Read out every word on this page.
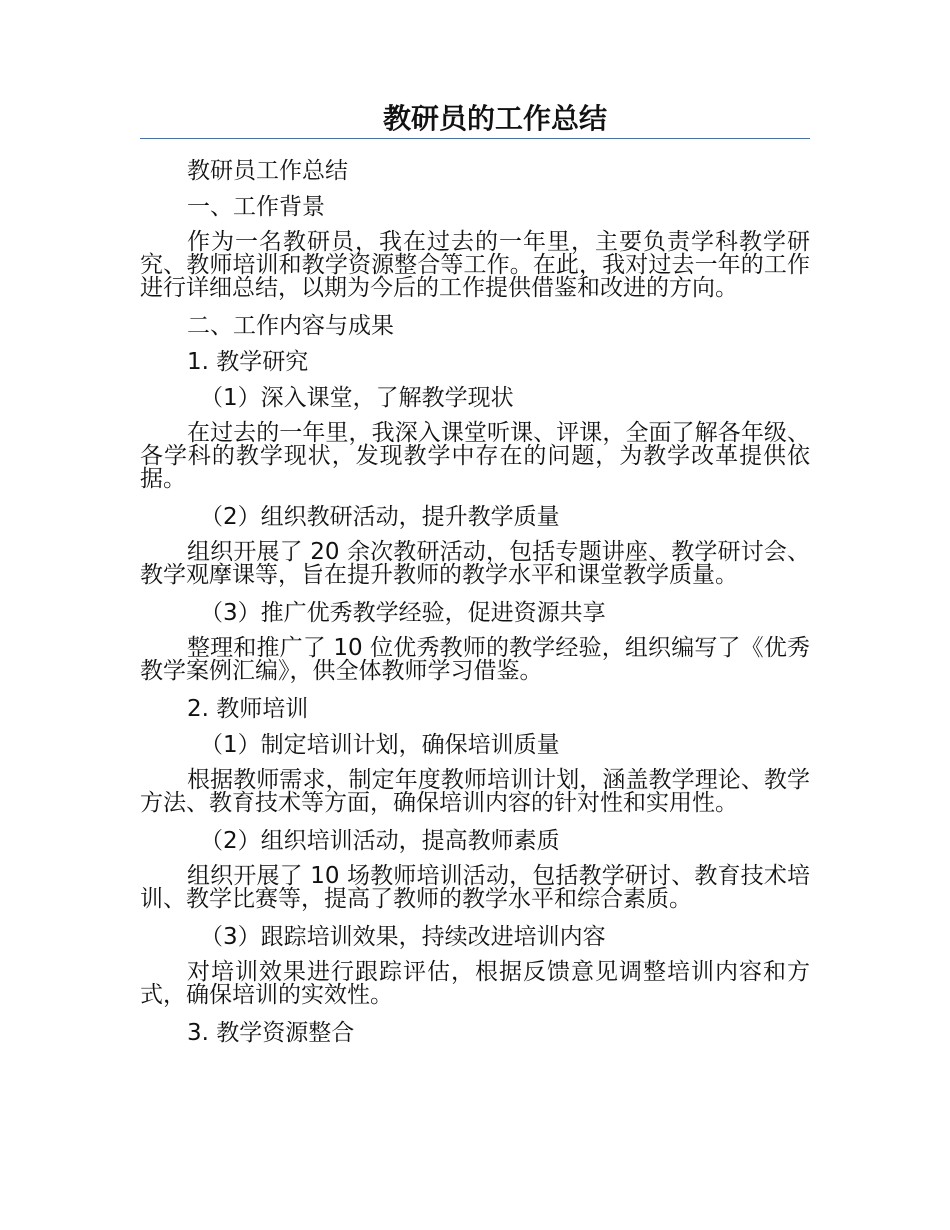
教研员的工作总结
教研员工作总结
一、工作背景
作为一名教研员，我在过去的一年里，主要负责学科教学研究、教师培训和教学资源整合等工作。在此，我对过去一年的工作进行详细总结，以期为今后的工作提供借鉴和改进的方向。
二、工作内容与成果
1. 教学研究
（1）深入课堂，了解教学现状
在过去的一年里，我深入课堂听课、评课，全面了解各年级、各学科的教学现状，发现教学中存在的问题，为教学改革提供依据。
（2）组织教研活动，提升教学质量
组织开展了 20 余次教研活动，包括专题讲座、教学研讨会、教学观摩课等，旨在提升教师的教学水平和课堂教学质量。
（3）推广优秀教学经验，促进资源共享
整理和推广了 10 位优秀教师的教学经验，组织编写了《优秀教学案例汇编》，供全体教师学习借鉴。
2. 教师培训
（1）制定培训计划，确保培训质量
根据教师需求，制定年度教师培训计划，涵盖教学理论、教学方法、教育技术等方面，确保培训内容的针对性和实用性。
（2）组织培训活动，提高教师素质
组织开展了 10 场教师培训活动，包括教学研讨、教育技术培训、教学比赛等，提高了教师的教学水平和综合素质。
（3）跟踪培训效果，持续改进培训内容
对培训效果进行跟踪评估，根据反馈意见调整培训内容和方式，确保培训的实效性。
3. 教学资源整合
